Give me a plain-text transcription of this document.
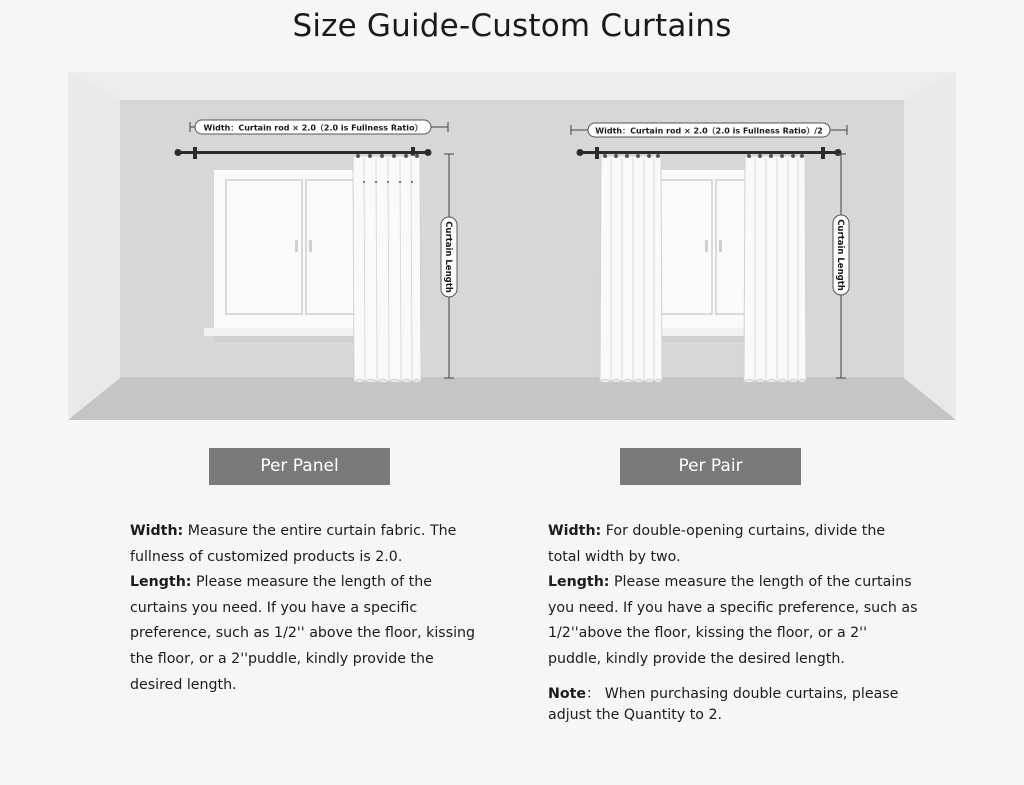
Size Guide-Custom Curtains
Width：Curtain rod × 2.0（2.0 is Fullness Ratio）
Curtain Length
Width：Curtain rod × 2.0（2.0 is Fullness Ratio）/2
Curtain Length
Per Panel	Per Pair

Width: Measure the entire curtain fabric. The fullness of customized products is 2.0.

Length: Please measure the length of the curtains you need. If you have a specific preference, such as 1/2'' above the floor, kissing the floor, or a 2''puddle, kindly provide the desired length.

Width: For double-opening curtains, divide the total width by two.

Length: Please measure the length of the curtains you need. If you have a specific preference, such as 1/2''above the floor, kissing the floor, or a 2'' puddle, kindly provide the desired length.

Note： When purchasing double curtains, please adjust the Quantity to 2.
